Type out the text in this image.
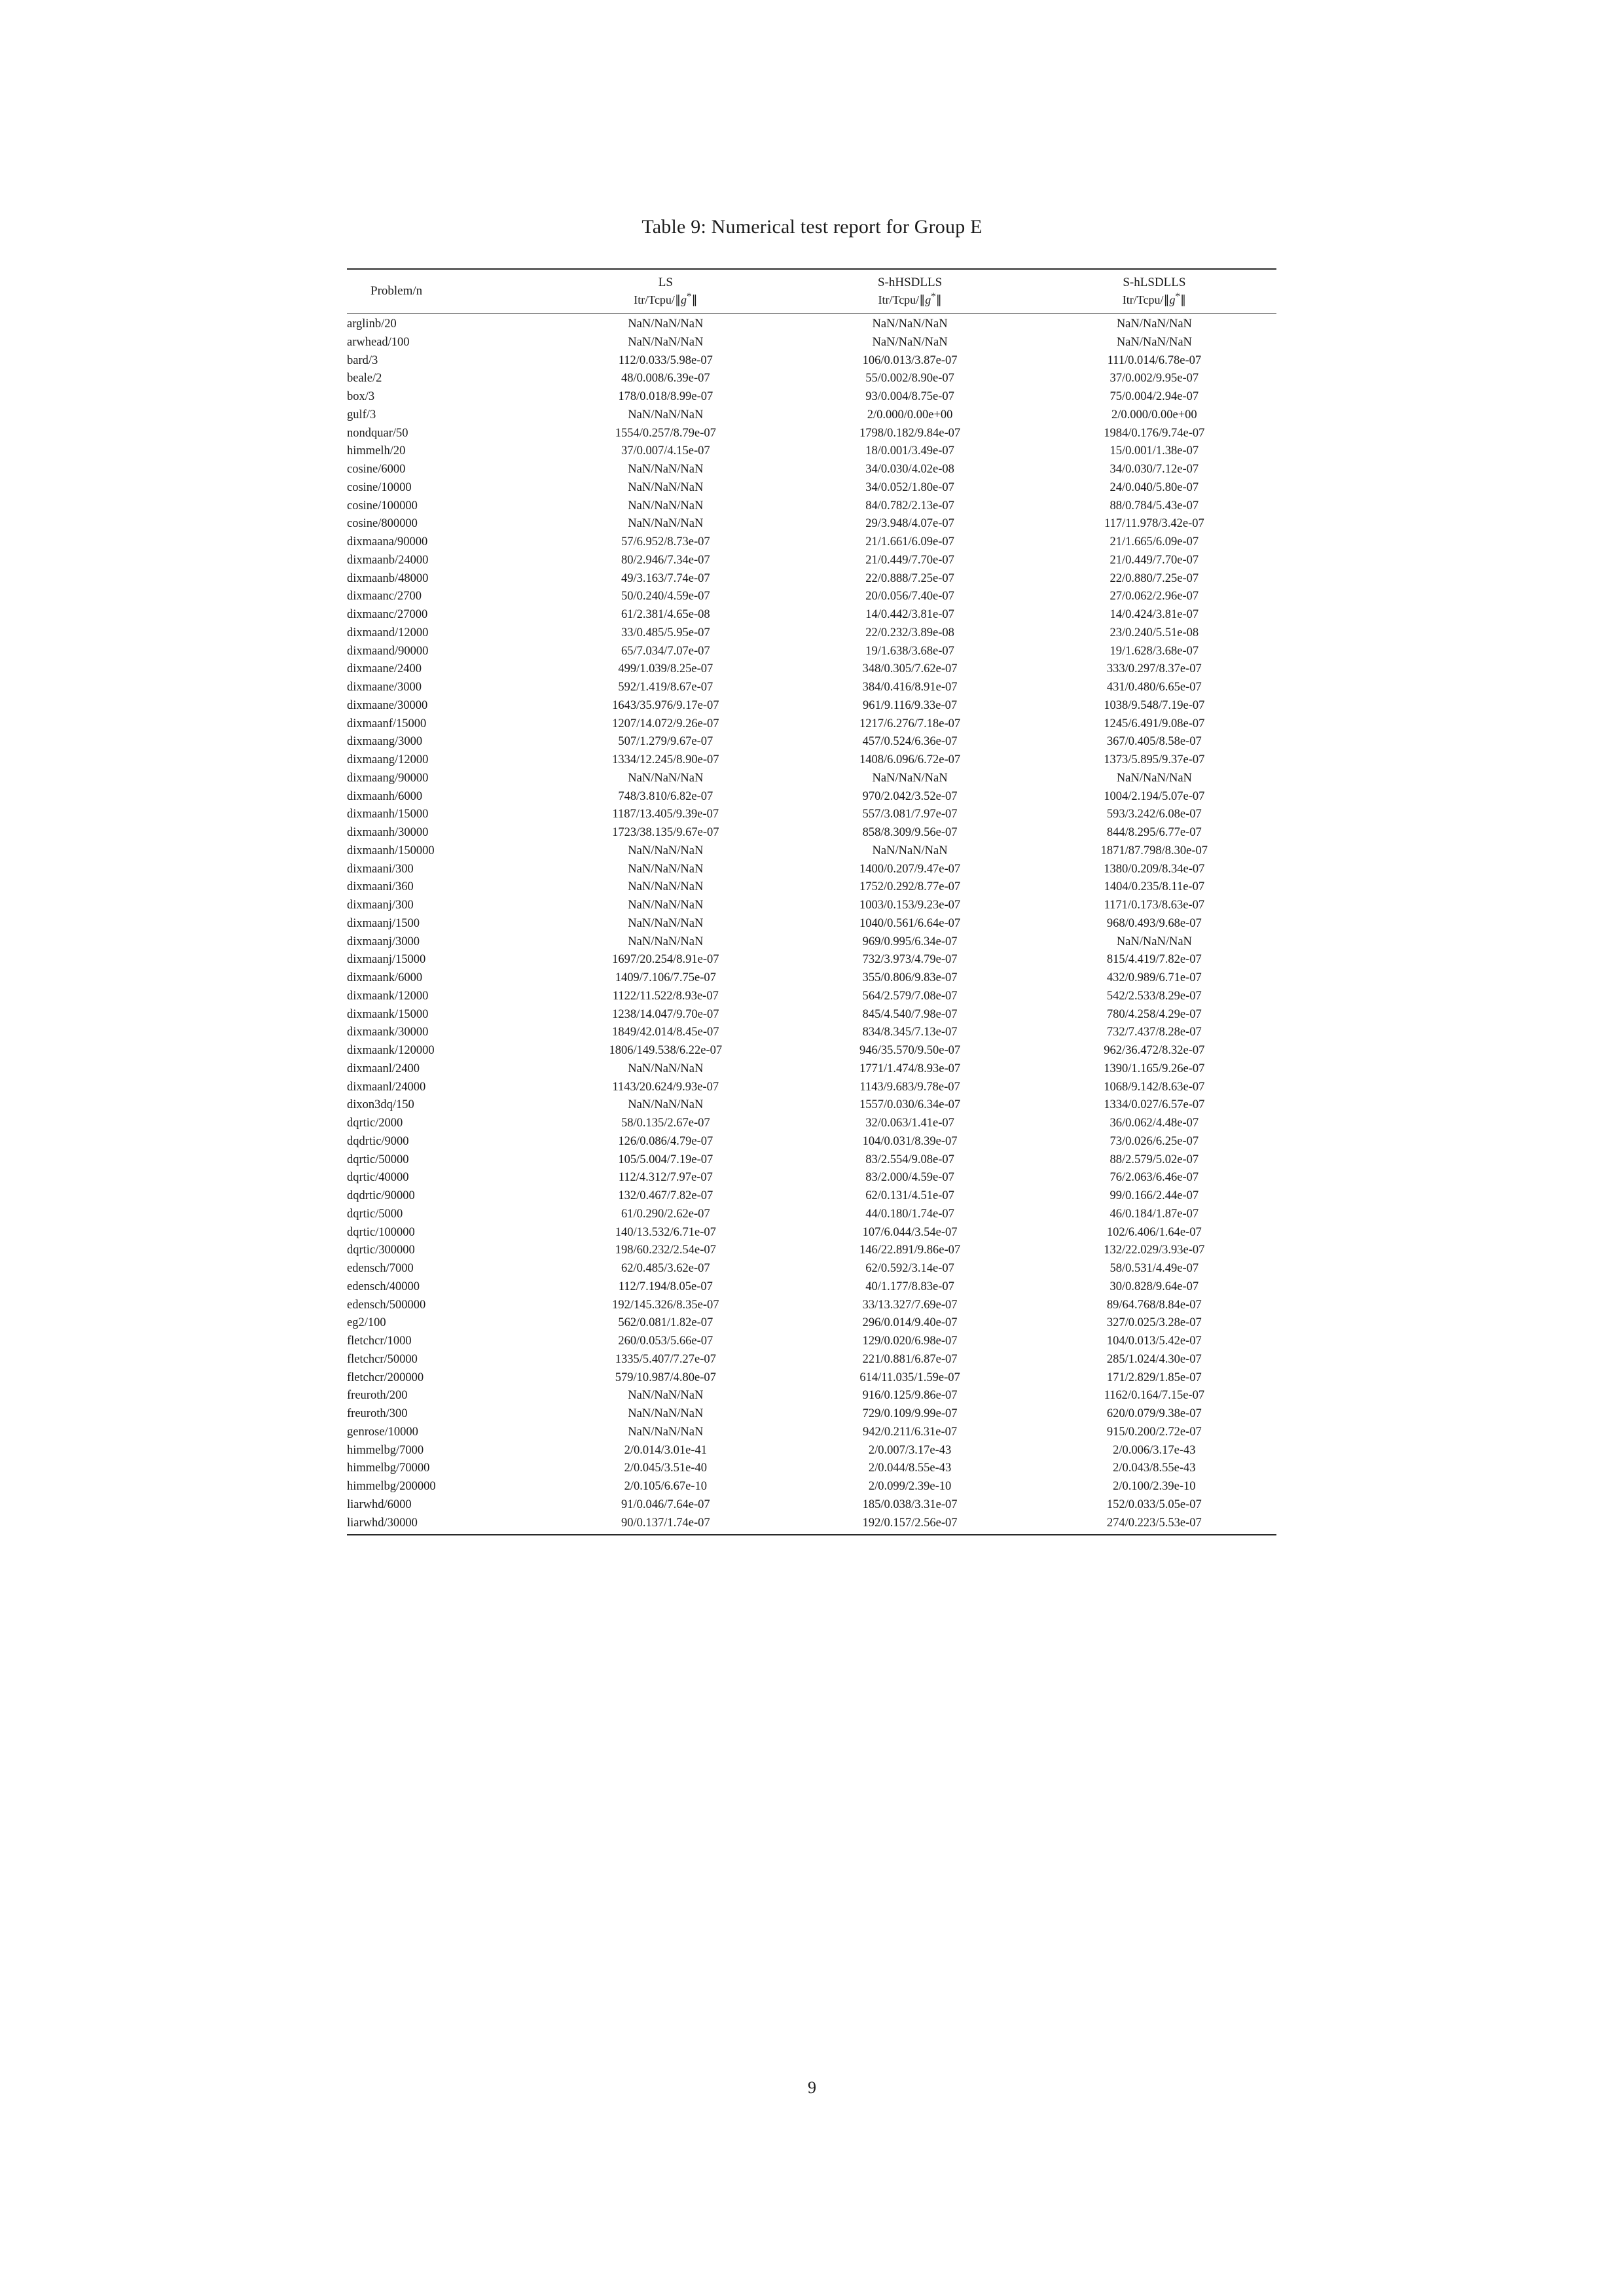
Table 9: Numerical test report for Group E
Problem/n	LS	S-hHSDLLS	S-hLSDLLS
	Itr/Tcpu/∥g*∥	Itr/Tcpu/∥g*∥	Itr/Tcpu/∥g*∥
arglinb/20	NaN/NaN/NaN	NaN/NaN/NaN	NaN/NaN/NaN
arwhead/100	NaN/NaN/NaN	NaN/NaN/NaN	NaN/NaN/NaN
bard/3	112/0.033/5.98e-07	106/0.013/3.87e-07	111/0.014/6.78e-07
beale/2	48/0.008/6.39e-07	55/0.002/8.90e-07	37/0.002/9.95e-07
box/3	178/0.018/8.99e-07	93/0.004/8.75e-07	75/0.004/2.94e-07
gulf/3	NaN/NaN/NaN	2/0.000/0.00e+00	2/0.000/0.00e+00
nondquar/50	1554/0.257/8.79e-07	1798/0.182/9.84e-07	1984/0.176/9.74e-07
himmelh/20	37/0.007/4.15e-07	18/0.001/3.49e-07	15/0.001/1.38e-07
cosine/6000	NaN/NaN/NaN	34/0.030/4.02e-08	34/0.030/7.12e-07
cosine/10000	NaN/NaN/NaN	34/0.052/1.80e-07	24/0.040/5.80e-07
cosine/100000	NaN/NaN/NaN	84/0.782/2.13e-07	88/0.784/5.43e-07
cosine/800000	NaN/NaN/NaN	29/3.948/4.07e-07	117/11.978/3.42e-07
dixmaana/90000	57/6.952/8.73e-07	21/1.661/6.09e-07	21/1.665/6.09e-07
dixmaanb/24000	80/2.946/7.34e-07	21/0.449/7.70e-07	21/0.449/7.70e-07
dixmaanb/48000	49/3.163/7.74e-07	22/0.888/7.25e-07	22/0.880/7.25e-07
dixmaanc/2700	50/0.240/4.59e-07	20/0.056/7.40e-07	27/0.062/2.96e-07
dixmaanc/27000	61/2.381/4.65e-08	14/0.442/3.81e-07	14/0.424/3.81e-07
dixmaand/12000	33/0.485/5.95e-07	22/0.232/3.89e-08	23/0.240/5.51e-08
dixmaand/90000	65/7.034/7.07e-07	19/1.638/3.68e-07	19/1.628/3.68e-07
dixmaane/2400	499/1.039/8.25e-07	348/0.305/7.62e-07	333/0.297/8.37e-07
dixmaane/3000	592/1.419/8.67e-07	384/0.416/8.91e-07	431/0.480/6.65e-07
dixmaane/30000	1643/35.976/9.17e-07	961/9.116/9.33e-07	1038/9.548/7.19e-07
dixmaanf/15000	1207/14.072/9.26e-07	1217/6.276/7.18e-07	1245/6.491/9.08e-07
dixmaang/3000	507/1.279/9.67e-07	457/0.524/6.36e-07	367/0.405/8.58e-07
dixmaang/12000	1334/12.245/8.90e-07	1408/6.096/6.72e-07	1373/5.895/9.37e-07
dixmaang/90000	NaN/NaN/NaN	NaN/NaN/NaN	NaN/NaN/NaN
dixmaanh/6000	748/3.810/6.82e-07	970/2.042/3.52e-07	1004/2.194/5.07e-07
dixmaanh/15000	1187/13.405/9.39e-07	557/3.081/7.97e-07	593/3.242/6.08e-07
dixmaanh/30000	1723/38.135/9.67e-07	858/8.309/9.56e-07	844/8.295/6.77e-07
dixmaanh/150000	NaN/NaN/NaN	NaN/NaN/NaN	1871/87.798/8.30e-07
dixmaani/300	NaN/NaN/NaN	1400/0.207/9.47e-07	1380/0.209/8.34e-07
dixmaani/360	NaN/NaN/NaN	1752/0.292/8.77e-07	1404/0.235/8.11e-07
dixmaanj/300	NaN/NaN/NaN	1003/0.153/9.23e-07	1171/0.173/8.63e-07
dixmaanj/1500	NaN/NaN/NaN	1040/0.561/6.64e-07	968/0.493/9.68e-07
dixmaanj/3000	NaN/NaN/NaN	969/0.995/6.34e-07	NaN/NaN/NaN
dixmaanj/15000	1697/20.254/8.91e-07	732/3.973/4.79e-07	815/4.419/7.82e-07
dixmaank/6000	1409/7.106/7.75e-07	355/0.806/9.83e-07	432/0.989/6.71e-07
dixmaank/12000	1122/11.522/8.93e-07	564/2.579/7.08e-07	542/2.533/8.29e-07
dixmaank/15000	1238/14.047/9.70e-07	845/4.540/7.98e-07	780/4.258/4.29e-07
dixmaank/30000	1849/42.014/8.45e-07	834/8.345/7.13e-07	732/7.437/8.28e-07
dixmaank/120000	1806/149.538/6.22e-07	946/35.570/9.50e-07	962/36.472/8.32e-07
dixmaanl/2400	NaN/NaN/NaN	1771/1.474/8.93e-07	1390/1.165/9.26e-07
dixmaanl/24000	1143/20.624/9.93e-07	1143/9.683/9.78e-07	1068/9.142/8.63e-07
dixon3dq/150	NaN/NaN/NaN	1557/0.030/6.34e-07	1334/0.027/6.57e-07
dqrtic/2000	58/0.135/2.67e-07	32/0.063/1.41e-07	36/0.062/4.48e-07
dqdrtic/9000	126/0.086/4.79e-07	104/0.031/8.39e-07	73/0.026/6.25e-07
dqrtic/50000	105/5.004/7.19e-07	83/2.554/9.08e-07	88/2.579/5.02e-07
dqrtic/40000	112/4.312/7.97e-07	83/2.000/4.59e-07	76/2.063/6.46e-07
dqdrtic/90000	132/0.467/7.82e-07	62/0.131/4.51e-07	99/0.166/2.44e-07
dqrtic/5000	61/0.290/2.62e-07	44/0.180/1.74e-07	46/0.184/1.87e-07
dqrtic/100000	140/13.532/6.71e-07	107/6.044/3.54e-07	102/6.406/1.64e-07
dqrtic/300000	198/60.232/2.54e-07	146/22.891/9.86e-07	132/22.029/3.93e-07
edensch/7000	62/0.485/3.62e-07	62/0.592/3.14e-07	58/0.531/4.49e-07
edensch/40000	112/7.194/8.05e-07	40/1.177/8.83e-07	30/0.828/9.64e-07
edensch/500000	192/145.326/8.35e-07	33/13.327/7.69e-07	89/64.768/8.84e-07
eg2/100	562/0.081/1.82e-07	296/0.014/9.40e-07	327/0.025/3.28e-07
fletchcr/1000	260/0.053/5.66e-07	129/0.020/6.98e-07	104/0.013/5.42e-07
fletchcr/50000	1335/5.407/7.27e-07	221/0.881/6.87e-07	285/1.024/4.30e-07
fletchcr/200000	579/10.987/4.80e-07	614/11.035/1.59e-07	171/2.829/1.85e-07
freuroth/200	NaN/NaN/NaN	916/0.125/9.86e-07	1162/0.164/7.15e-07
freuroth/300	NaN/NaN/NaN	729/0.109/9.99e-07	620/0.079/9.38e-07
genrose/10000	NaN/NaN/NaN	942/0.211/6.31e-07	915/0.200/2.72e-07
himmelbg/7000	2/0.014/3.01e-41	2/0.007/3.17e-43	2/0.006/3.17e-43
himmelbg/70000	2/0.045/3.51e-40	2/0.044/8.55e-43	2/0.043/8.55e-43
himmelbg/200000	2/0.105/6.67e-10	2/0.099/2.39e-10	2/0.100/2.39e-10
liarwhd/6000	91/0.046/7.64e-07	185/0.038/3.31e-07	152/0.033/5.05e-07
liarwhd/30000	90/0.137/1.74e-07	192/0.157/2.56e-07	274/0.223/5.53e-07
9
